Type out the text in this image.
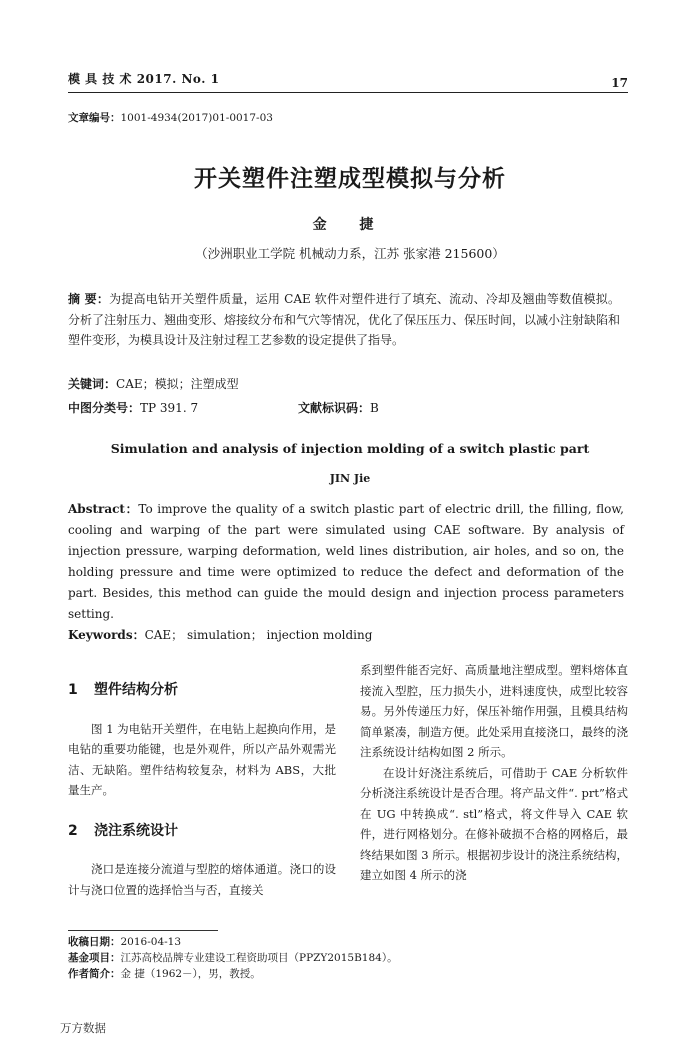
模 具 技 术 2017. No. 1	17
文章编号：1001-4934(2017)01-0017-03
开关塑件注塑成型模拟与分析
金 捷
（沙洲职业工学院 机械动力系，江苏 张家港 215600）
摘 要：为提高电钻开关塑件质量，运用 CAE 软件对塑件进行了填充、流动、冷却及翘曲等数值模拟。分析了注射压力、翘曲变形、熔接纹分布和气穴等情况，优化了保压压力、保压时间，以减小注射缺陷和塑件变形，为模具设计及注射过程工艺参数的设定提供了指导。
关键词：CAE；模拟；注塑成型
中图分类号：TP 391. 7	文献标识码：B
Simulation and analysis of injection molding of a switch plastic part
JIN Jie
Abstract：To improve the quality of a switch plastic part of electric drill, the filling, flow, cooling and warping of the part were simulated using CAE software. By analysis of injection pressure, warping deformation, weld lines distribution, air holes, and so on, the holding pressure and time were optimized to reduce the defect and deformation of the part. Besides, this method can guide the mould design and injection process parameters setting.
Keywords：CAE； simulation； injection molding
1 塑件结构分析

图 1 为电钻开关塑件，在电钻上起换向作用，是电钻的重要功能键，也是外观件，所以产品外观需光洁、无缺陷。塑件结构较复杂，材料为 ABS，大批量生产。

2 浇注系统设计

浇口是连接分流道与型腔的熔体通道。浇口的设计与浇口位置的选择恰当与否，直接关

系到塑件能否完好、高质量地注塑成型。塑料熔体直接流入型腔，压力损失小，进料速度快，成型比较容易。另外传递压力好，保压补缩作用强，且模具结构简单紧凑，制造方便。此处采用直接浇口，最终的浇注系统设计结构如图 2 所示。

在设计好浇注系统后，可借助于 CAE 分析软件分析浇注系统设计是否合理。将产品文件“. prt”格式在 UG 中转换成“. stl”格式，将文件导入 CAE 软件，进行网格划分。在修补破损不合格的网格后，最终结果如图 3 所示。根据初步设计的浇注系统结构，建立如图 4 所示的浇

收稿日期：2016-04-13
基金项目：江苏高校品牌专业建设工程资助项目（PPZY2015B184）。
作者简介：金 捷（1962－），男，教授。
万方数据
